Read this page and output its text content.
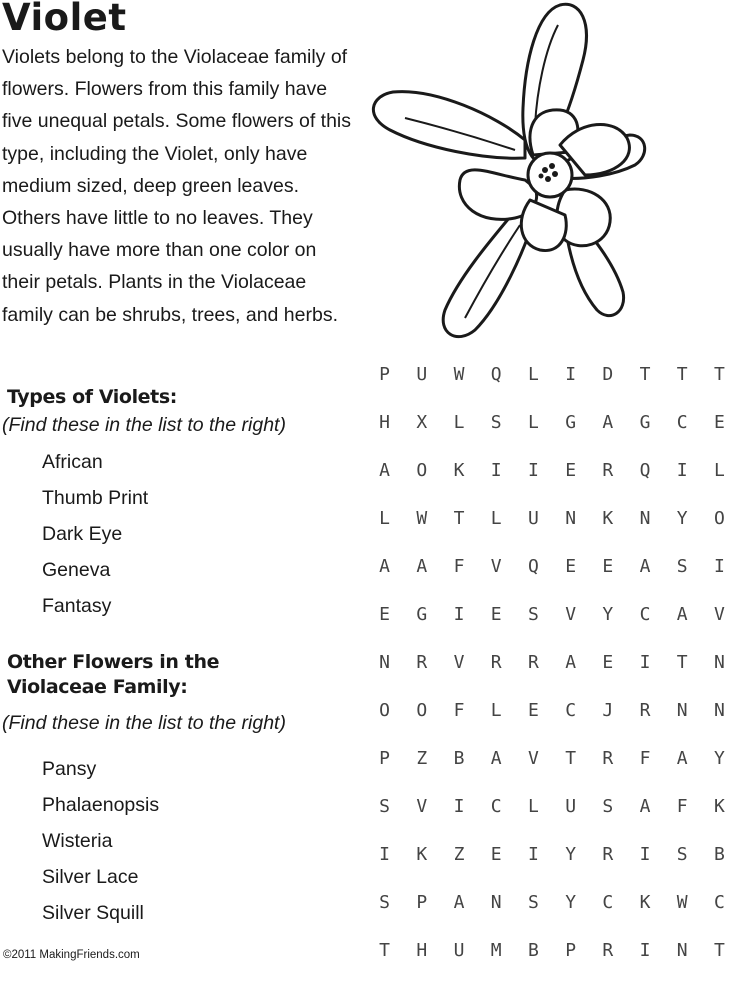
Violet
Violets belong to the Violaceae family of flowers. Flowers from this family have five unequal petals. Some flowers of this type, including the Violet, only have medium sized, deep green leaves. Others have little to no leaves. They usually have more than one color on their petals. Plants in the Violaceae family can be shrubs, trees, and herbs.
Types of Violets:
(Find these in the list to the right)
African
Thumb Print
Dark Eye
Geneva
Fantasy
Other Flowers in the
Violaceae Family:
(Find these in the list to the right)
Pansy
Phalaenopsis
Wisteria
Silver Lace
Silver Squill
©2011 MakingFriends.com
P	U	W	Q	L	I	D	T	T	T
H	X	L	S	L	G	A	G	C	E
A	O	K	I	I	E	R	Q	I	L
L	W	T	L	U	N	K	N	Y	O
A	A	F	V	Q	E	E	A	S	I
E	G	I	E	S	V	Y	C	A	V
N	R	V	R	R	A	E	I	T	N
O	O	F	L	E	C	J	R	N	N
P	Z	B	A	V	T	R	F	A	Y
S	V	I	C	L	U	S	A	F	K
I	K	Z	E	I	Y	R	I	S	B
S	P	A	N	S	Y	C	K	W	C
T	H	U	M	B	P	R	I	N	T
